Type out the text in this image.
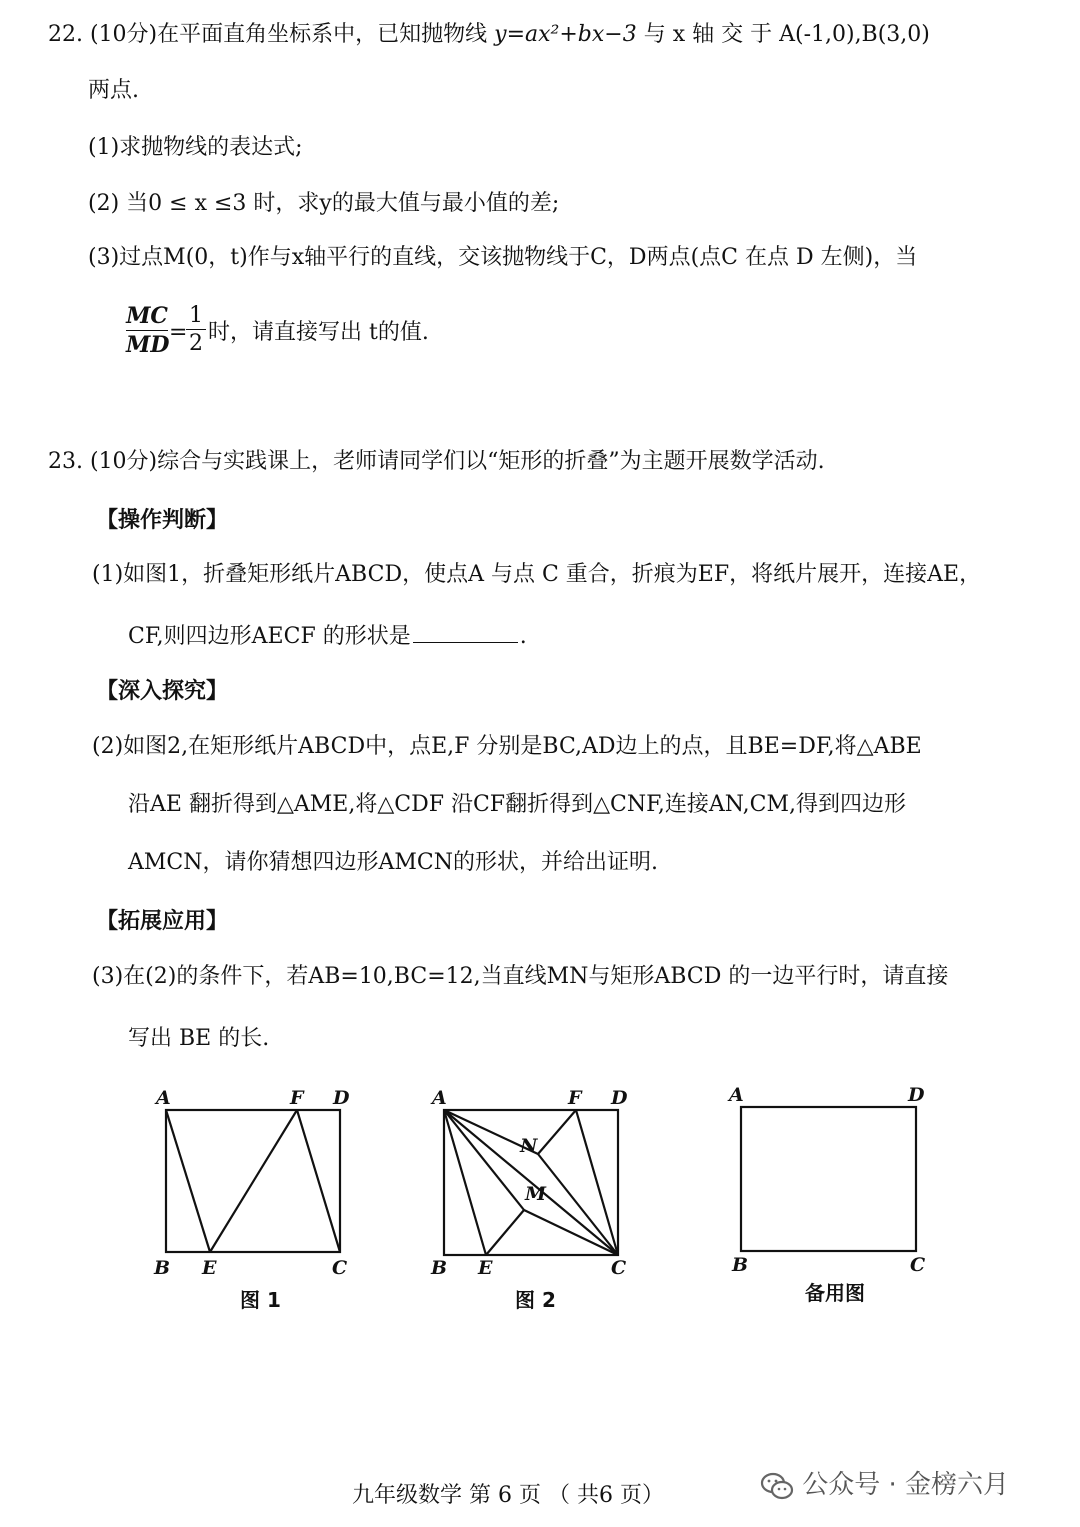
22. (10分)在平面直角坐标系中，已知抛物线 y=ax²+bx−3 与 x 轴 交 于 A(-1,0),B(3,0)
两点.
(1)求抛物线的表达式;
(2) 当0 ≤ x ≤3 时，求y的最大值与最小值的差;
(3)过点M(0，t)作与x轴平行的直线，交该抛物线于C，D两点(点C 在点 D 左侧)，当
MC
MD =
1
2 时，请直接写出 t的值.
23. (10分)综合与实践课上，老师请同学们以“矩形的折叠”为主题开展数学活动.
【操作判断】
(1)如图1，折叠矩形纸片ABCD，使点A 与点 C 重合，折痕为EF，将纸片展开，连接AE，
CF,则四边形AECF 的形状是	.
【深入探究】
(2)如图2,在矩形纸片ABCD中，点E,F 分别是BC,AD边上的点，且BE=DF,将△ABE
沿AE 翻折得到△AME,将△CDF 沿CF翻折得到△CNF,连接AN,CM,得到四边形
AMCN，请你猜想四边形AMCN的形状，并给出证明.
【拓展应用】
(3)在(2)的条件下，若AB=10,BC=12,当直线MN与矩形ABCD 的一边平行时，请直接
写出 BE 的长.
A	F D
B E	C
图 1
A	F D
N
M
B E	C
图 2
A	D
B	C
备用图
九年级数学 第 6 页 （ 共6 页）	公众号 · 金榜六月
